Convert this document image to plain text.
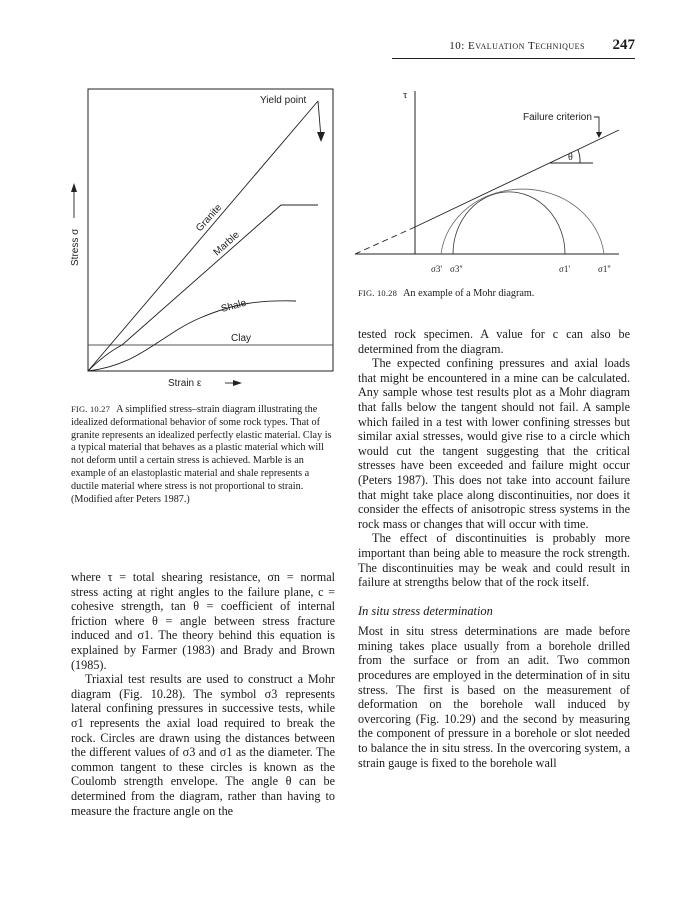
10: Evaluation Techniques 247
Yield point
Granite
Marble
Shale
Clay
Strain ε
Stress σ
FIG. 10.27 A simplified stress–strain diagram illustrating the idealized deformational behavior of some rock types. That of granite represents an idealized perfectly elastic material. Clay is a typical material that behaves as a plastic material which will not deform until a certain stress is achieved. Marble is an example of an elastoplastic material and shale represents a ductile material where stress is not proportional to strain. (Modified after Peters 1987.)
τ
θ
Failure criterion
σ3' σ3''	σ1'	σ1''
FIG. 10.28 An example of a Mohr diagram.

where τ = total shearing resistance, σn = normal stress acting at right angles to the failure plane, c = cohesive strength, tan θ = coefficient of internal friction where θ = angle between stress fracture induced and σ1. The theory behind this equation is explained by Farmer (1983) and Brady and Brown (1985).

Triaxial test results are used to construct a Mohr diagram (Fig. 10.28). The symbol σ3 represents lateral confining pressures in successive tests, while σ1 represents the axial load required to break the rock. Circles are drawn using the distances between the different values of σ3 and σ1 as the diameter. The common tangent to these circles is known as the Coulomb strength envelope. The angle θ can be determined from the diagram, rather than having to measure the fracture angle on the

tested rock specimen. A value for c can also be determined from the diagram.

The expected confining pressures and axial loads that might be encountered in a mine can be calculated. Any sample whose test results plot as a Mohr diagram that falls below the tangent should not fail. A sample which failed in a test with lower confining stresses but similar axial stresses, would give rise to a circle which would cut the tangent suggesting that the critical stresses have been exceeded and failure might occur (Peters 1987). This does not take into account failure that might take place along discontinuities, nor does it consider the effects of anisotropic stress systems in the rock mass or changes that will occur with time.

The effect of discontinuities is probably more important than being able to measure the rock strength. The discontinuities may be weak and could result in failure at strengths below that of the rock itself.

In situ stress determination

Most in situ stress determinations are made before mining takes place usually from a borehole drilled from the surface or from an adit. Two common procedures are employed in the determination of in situ stress. The first is based on the measurement of deformation on the borehole wall induced by overcoring (Fig. 10.29) and the second by measuring the component of pressure in a borehole or slot needed to balance the in situ stress. In the overcoring system, a strain gauge is fixed to the borehole wall
